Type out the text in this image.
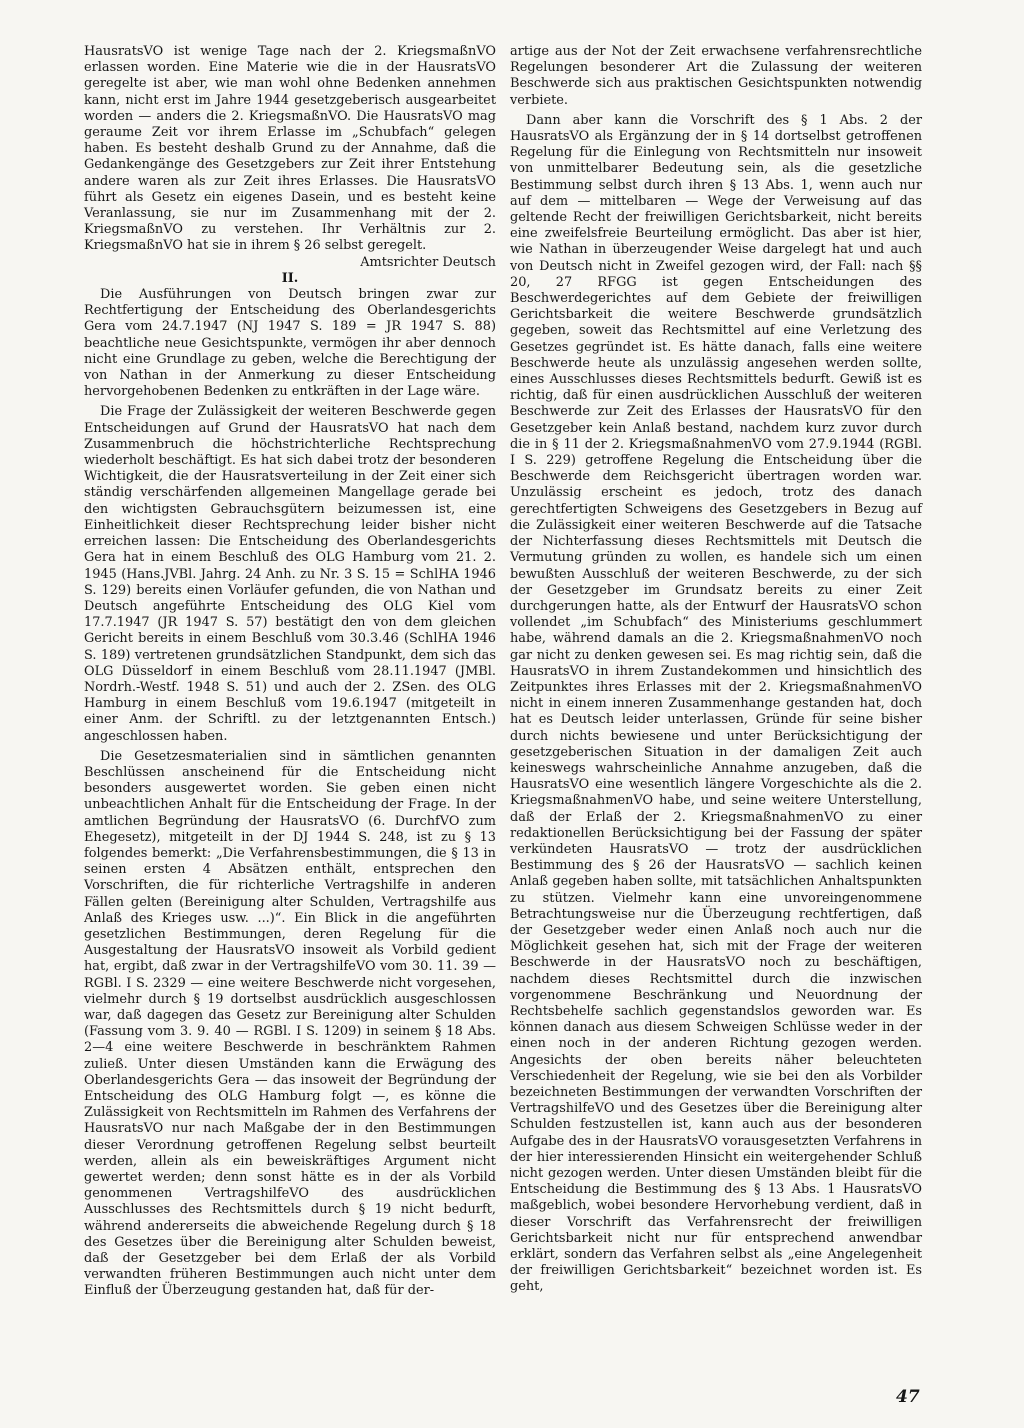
HausratsVO ist wenige Tage nach der 2. KriegsmaßnVO erlassen worden. Eine Materie wie die in der HausratsVO geregelte ist aber, wie man wohl ohne Bedenken annehmen kann, nicht erst im Jahre 1944 gesetzgeberisch ausgearbeitet worden — anders die 2. KriegsmaßnVO. Die HausratsVO mag geraume Zeit vor ihrem Erlasse im „Schubfach“ gelegen haben. Es besteht deshalb Grund zu der Annahme, daß die Gedankengänge des Gesetzgebers zur Zeit ihrer Entstehung andere waren als zur Zeit ihres Erlasses. Die HausratsVO führt als Gesetz ein eigenes Dasein, und es besteht keine Veranlassung, sie nur im Zusammenhang mit der 2. KriegsmaßnVO zu verstehen. Ihr Verhältnis zur 2. KriegsmaßnVO hat sie in ihrem § 26 selbst geregelt.

Amtsrichter Deutsch

II.

Die Ausführungen von Deutsch bringen zwar zur Rechtfertigung der Entscheidung des Oberlandesgerichts Gera vom 24.7.1947 (NJ 1947 S. 189 = JR 1947 S. 88) beachtliche neue Gesichtspunkte, vermögen ihr aber dennoch nicht eine Grundlage zu geben, welche die Berechtigung der von Nathan in der Anmerkung zu dieser Entscheidung hervorgehobenen Bedenken zu entkräften in der Lage wäre.

Die Frage der Zulässigkeit der weiteren Beschwerde gegen Entscheidungen auf Grund der HausratsVO hat nach dem Zusammenbruch die höchstrichterliche Rechtsprechung wiederholt beschäftigt. Es hat sich dabei trotz der besonderen Wichtigkeit, die der Hausratsverteilung in der Zeit einer sich ständig verschärfenden allgemeinen Mangellage gerade bei den wichtigsten Gebrauchsgütern beizumessen ist, eine Einheitlichkeit dieser Rechtsprechung leider bisher nicht erreichen lassen: Die Entscheidung des Oberlandesgerichts Gera hat in einem Beschluß des OLG Hamburg vom 21. 2. 1945 (Hans.JVBl. Jahrg. 24 Anh. zu Nr. 3 S. 15 = SchlHA 1946 S. 129) bereits einen Vorläufer gefunden, die von Nathan und Deutsch angeführte Entscheidung des OLG Kiel vom 17.7.1947 (JR 1947 S. 57) bestätigt den von dem gleichen Gericht bereits in einem Beschluß vom 30.3.46 (SchlHA 1946 S. 189) vertretenen grundsätzlichen Standpunkt, dem sich das OLG Düsseldorf in einem Beschluß vom 28.11.1947 (JMBl. Nordrh.-Westf. 1948 S. 51) und auch der 2. ZSen. des OLG Hamburg in einem Beschluß vom 19.6.1947 (mitgeteilt in einer Anm. der Schriftl. zu der letztgenannten Entsch.) angeschlossen haben.

Die Gesetzesmaterialien sind in sämtlichen genannten Beschlüssen anscheinend für die Entscheidung nicht besonders ausgewertet worden. Sie geben einen nicht unbeachtlichen Anhalt für die Entscheidung der Frage. In der amtlichen Begründung der HausratsVO (6. DurchfVO zum Ehegesetz), mitgeteilt in der DJ 1944 S. 248, ist zu § 13 folgendes bemerkt: „Die Verfahrensbestimmungen, die § 13 in seinen ersten 4 Absätzen enthält, entsprechen den Vorschriften, die für richterliche Vertragshilfe in anderen Fällen gelten (Bereinigung alter Schulden, Vertragshilfe aus Anlaß des Krieges usw. ...)“. Ein Blick in die angeführten gesetzlichen Bestimmungen, deren Regelung für die Ausgestaltung der HausratsVO insoweit als Vorbild gedient hat, ergibt, daß zwar in der VertragshilfeVO vom 30. 11. 39 — RGBl. I S. 2329 — eine weitere Beschwerde nicht vorgesehen, vielmehr durch § 19 dortselbst ausdrücklich ausgeschlossen war, daß dagegen das Gesetz zur Bereinigung alter Schulden (Fassung vom 3. 9. 40 — RGBl. I S. 1209) in seinem § 18 Abs. 2—4 eine weitere Beschwerde in beschränktem Rahmen zuließ. Unter diesen Umständen kann die Erwägung des Oberlandesgerichts Gera — das insoweit der Begründung der Entscheidung des OLG Hamburg folgt —, es könne die Zulässigkeit von Rechtsmitteln im Rahmen des Verfahrens der HausratsVO nur nach Maßgabe der in den Bestimmungen dieser Verordnung getroffenen Regelung selbst beurteilt werden, allein als ein beweiskräftiges Argument nicht gewertet werden; denn sonst hätte es in der als Vorbild genommenen VertragshilfeVO des ausdrücklichen Ausschlusses des Rechtsmittels durch § 19 nicht bedurft, während andererseits die abweichende Regelung durch § 18 des Gesetzes über die Bereinigung alter Schulden beweist, daß der Gesetzgeber bei dem Erlaß der als Vorbild verwandten früheren Bestimmungen auch nicht unter dem Einfluß der Überzeugung gestanden hat, daß für der-

artige aus der Not der Zeit erwachsene verfahrensrechtliche Regelungen besonderer Art die Zulassung der weiteren Beschwerde sich aus praktischen Gesichtspunkten notwendig verbiete.

Dann aber kann die Vorschrift des § 1 Abs. 2 der HausratsVO als Ergänzung der in § 14 dortselbst getroffenen Regelung für die Einlegung von Rechtsmitteln nur insoweit von unmittelbarer Bedeutung sein, als die gesetzliche Bestimmung selbst durch ihren § 13 Abs. 1, wenn auch nur auf dem — mittelbaren — Wege der Verweisung auf das geltende Recht der freiwilligen Gerichtsbarkeit, nicht bereits eine zweifelsfreie Beurteilung ermöglicht. Das aber ist hier, wie Nathan in überzeugender Weise dargelegt hat und auch von Deutsch nicht in Zweifel gezogen wird, der Fall: nach §§ 20, 27 RFGG ist gegen Entscheidungen des Beschwerdegerichtes auf dem Gebiete der freiwilligen Gerichtsbarkeit die weitere Beschwerde grundsätzlich gegeben, soweit das Rechtsmittel auf eine Verletzung des Gesetzes gegründet ist. Es hätte danach, falls eine weitere Beschwerde heute als unzulässig angesehen werden sollte, eines Ausschlusses dieses Rechtsmittels bedurft. Gewiß ist es richtig, daß für einen ausdrücklichen Ausschluß der weiteren Beschwerde zur Zeit des Erlasses der HausratsVO für den Gesetzgeber kein Anlaß bestand, nachdem kurz zuvor durch die in § 11 der 2. KriegsmaßnahmenVO vom 27.9.1944 (RGBl. I S. 229) getroffene Regelung die Entscheidung über die Beschwerde dem Reichsgericht übertragen worden war. Unzulässig erscheint es jedoch, trotz des danach gerechtfertigten Schweigens des Gesetzgebers in Bezug auf die Zulässigkeit einer weiteren Beschwerde auf die Tatsache der Nichterfassung dieses Rechtsmittels mit Deutsch die Vermutung gründen zu wollen, es handele sich um einen bewußten Ausschluß der weiteren Beschwerde, zu der sich der Gesetzgeber im Grundsatz bereits zu einer Zeit durchgerungen hatte, als der Entwurf der HausratsVO schon vollendet „im Schubfach“ des Ministeriums geschlummert habe, während damals an die 2. KriegsmaßnahmenVO noch gar nicht zu denken gewesen sei. Es mag richtig sein, daß die HausratsVO in ihrem Zustandekommen und hinsichtlich des Zeitpunktes ihres Erlasses mit der 2. KriegsmaßnahmenVO nicht in einem inneren Zusammenhange gestanden hat, doch hat es Deutsch leider unterlassen, Gründe für seine bisher durch nichts bewiesene und unter Berücksichtigung der gesetzgeberischen Situation in der damaligen Zeit auch keineswegs wahrscheinliche Annahme anzugeben, daß die HausratsVO eine wesentlich längere Vorgeschichte als die 2. KriegsmaßnahmenVO habe, und seine weitere Unterstellung, daß der Erlaß der 2. KriegsmaßnahmenVO zu einer redaktionellen Berücksichtigung bei der Fassung der später verkündeten HausratsVO — trotz der ausdrücklichen Bestimmung des § 26 der HausratsVO — sachlich keinen Anlaß gegeben haben sollte, mit tatsächlichen Anhaltspunkten zu stützen. Vielmehr kann eine unvoreingenommene Betrachtungsweise nur die Überzeugung rechtfertigen, daß der Gesetzgeber weder einen Anlaß noch auch nur die Möglichkeit gesehen hat, sich mit der Frage der weiteren Beschwerde in der HausratsVO noch zu beschäftigen, nachdem dieses Rechtsmittel durch die inzwischen vorgenommene Beschränkung und Neuordnung der Rechtsbehelfe sachlich gegenstandslos geworden war. Es können danach aus diesem Schweigen Schlüsse weder in der einen noch in der anderen Richtung gezogen werden. Angesichts der oben bereits näher beleuchteten Verschiedenheit der Regelung, wie sie bei den als Vorbilder bezeichneten Bestimmungen der verwandten Vorschriften der VertragshilfeVO und des Gesetzes über die Bereinigung alter Schulden festzustellen ist, kann auch aus der besonderen Aufgabe des in der HausratsVO vorausgesetzten Verfahrens in der hier interessierenden Hinsicht ein weitergehender Schluß nicht gezogen werden. Unter diesen Umständen bleibt für die Entscheidung die Bestimmung des § 13 Abs. 1 HausratsVO maßgeblich, wobei besondere Hervorhebung verdient, daß in dieser Vorschrift das Verfahrensrecht der freiwilligen Gerichtsbarkeit nicht nur für entsprechend anwendbar erklärt, sondern das Verfahren selbst als „eine Angelegenheit der freiwilligen Gerichtsbarkeit“ bezeichnet worden ist. Es geht,

47
